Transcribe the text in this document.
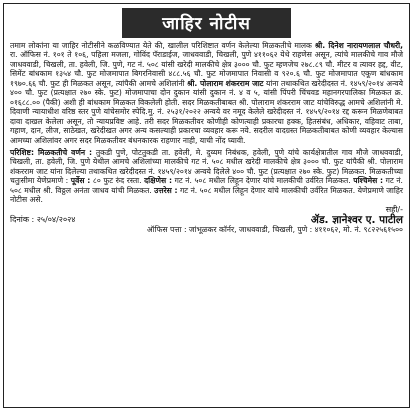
जाहिर नोटीस
तमाम लोकांना या जाहिर नोटीसीने कळविण्यात येते की, खालील परिशिष्टात वर्णन केलेल्या मिळकतीचे मालक श्री. दिनेश नारायणलाल चौधरी, रा. ऑफिस नं. १०१ ते १०६, पहिला मजला, गोविंद पॅराडाईज, जाधववाडी, चिखली, पुणे ४११०६२ येथे राहणेस असून, त्यांचे मालकीचे गाव मौजे जाधववाडी, चिखली, ता. हवेली, जि. पुणे, गट नं. ५०८ यांसी खरेदी मालकीचे क्षेत्र ३००० चौ. फुट म्हणजेच २७८.८९ चौ. मीटर व त्यावर हद्द, वीट, सिमेंट बांधकाम १३५४ चौ. फुट मोजमापात बिगरनिवासी ४८८.५६ चौ. फुट मोजमापात निवासी व ९२०.६ चौ. फुट मोजमापात एकूण बांधकाम १९७०.६६ चौ. फुट ही मिळकत असून, त्यांपैकी आमचे अशिलांनी श्री. पोलाराम शंकरराम जाट यांना तथाकथित खरेदीदस्त नं. १४५९/२०१४ अन्वये ४०० चौ. फुट (प्रत्यक्षात २७० स्के. फुट) मोजमापाचा दोन दुकान यांसी दुकान नं. ४ व ५, यांसी पिंपरी चिंचवड महानगरपालिका मिळकत क्र. ०१६८८.०० (पैकी) अशी ही बांधकाम मिळकत विकलेली होती. सदर मिळकतीबाबत श्री. पोलाराम शंकरराम जाट यांचेविरुद्ध आमचे अशिलांनी मे. दिवाणी न्यायाधीश वरिष्ठ स्तर पुणे यांचेसमोर स्पेदि.मु. नं. २५३१/२०२२ अन्वये वर नमूद केलेले खरेदीदस्त नं. १४५९/२०१४ रद्द करून मिळणेबाबत दावा दाखल केलेला असून, तो न्यायप्रविष्ट आहे. तरी सदर मिळकतीवर कोणीही कोणत्याही प्रकारचा हक्क, हितसंबंध, अधिकार, वहिवाट ताबा, गहाण, दान, लीज, साठेखत, खरेदीखत अगर अन्य कसल्याही प्रकारचा व्यवहार करू नये. सदरील वादग्रस्त मिळकतीबाबत कोणी व्यवहार केल्यास आमच्या अशिलांवर अगर सदर मिळकतीवर बंधनकारक राहणार नाही, याची नोंद घ्यावी.
परिशिष्ट: मिळकतीचे वर्णन : तुकडी पुणे, पोटतुकडी ता. हवेली, मे. दुय्यम निबंधक, हवेली, पुणे यांचे कार्यक्षेत्रातील गाव मौजे जाधववाडी, चिखली, ता. हवेली, जि. पुणे येथील आमचे अशिलांच्या मालकीचे गट नं. ५०८ मधील खरेदी मालकीचे क्षेत्र ३००० चौ. फुट यांपैकी श्री. पोलाराम शंकरराम जाट यांना दिलेल्या तथाकथित खरेदीदस्त नं. १४५९/२०१४ अन्वये दिलेले ४०० चौ. फुट (प्रत्यक्षात २७० स्के. फुट) मिळकत. मिळकतीच्या चतुःसीमा येणेप्रमाणे : पूर्वेस : ८० फुट रुंद रस्ता. दक्षिणेस : गट नं. ५०८ मधील लिहून देणार यांचे मालकीची उर्वरित मिळकत. पश्चिमेस : गट नं. ५०८ मधील श्री. विठ्ठल अनंता जाधव यांची मिळकत. उत्तरेस : गट नं. ५०८ मधील लिहून देणार यांचे मालकीची उर्वरित मिळकत. येणेप्रमाणे जाहिर नोटीस असे.
सही/-
दिनांक : २५/०४/२०२४	ॲड. ज्ञानेश्वर ए. पाटील
ऑफिस पत्ता : जांभूळकर कॉर्नर, जाधववाडी, चिखली, पुणे : ४११०६२, मो. नं. ९८२२५६१५००
